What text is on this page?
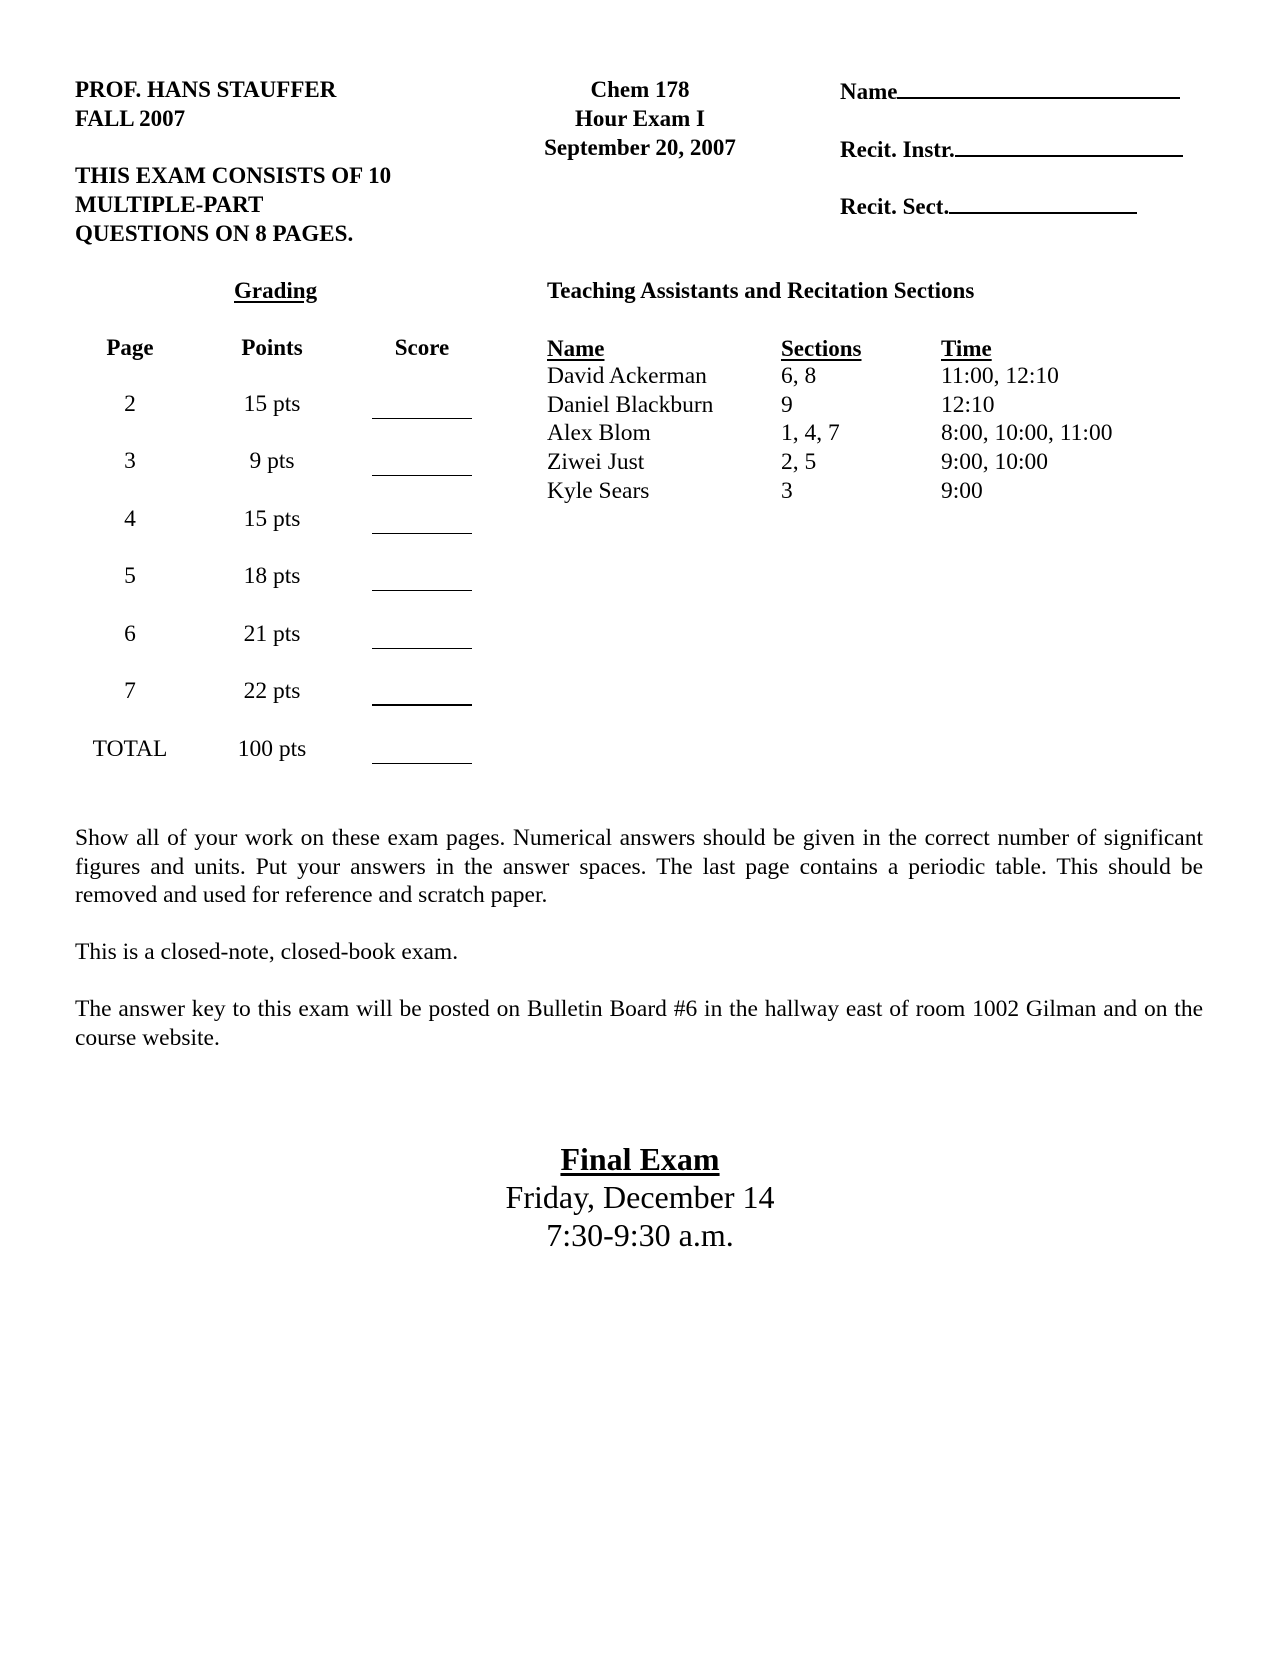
PROF. HANS STAUFFER
FALL 2007
THIS EXAM CONSISTS OF 10
MULTIPLE-PART
QUESTIONS ON 8 PAGES.
Chem 178
Hour Exam I
September 20, 2007
Name
Recit. Instr.
Recit. Sect.
Grading
Page	Points	Score
2	15 pts
3	9 pts
4	15 pts
5	18 pts
6	21 pts
7	22 pts
TOTAL	100 pts
Teaching Assistants and Recitation Sections
Name	Sections	Time
David Ackerman	6, 8	11:00, 12:10
Daniel Blackburn	9	12:10
Alex Blom	1, 4, 7	8:00, 10:00, 11:00
Ziwei Just	2, 5	9:00, 10:00
Kyle Sears	3	9:00
Show all of your work on these exam pages. Numerical answers should be given in the correct number of significant figures and units. Put your answers in the answer spaces. The last page contains a periodic table. This should be removed and used for reference and scratch paper.
This is a closed-note, closed-book exam.
The answer key to this exam will be posted on Bulletin Board #6 in the hallway east of room 1002 Gilman and on the course website.
Final Exam
Friday, December 14
7:30-9:30 a.m.
